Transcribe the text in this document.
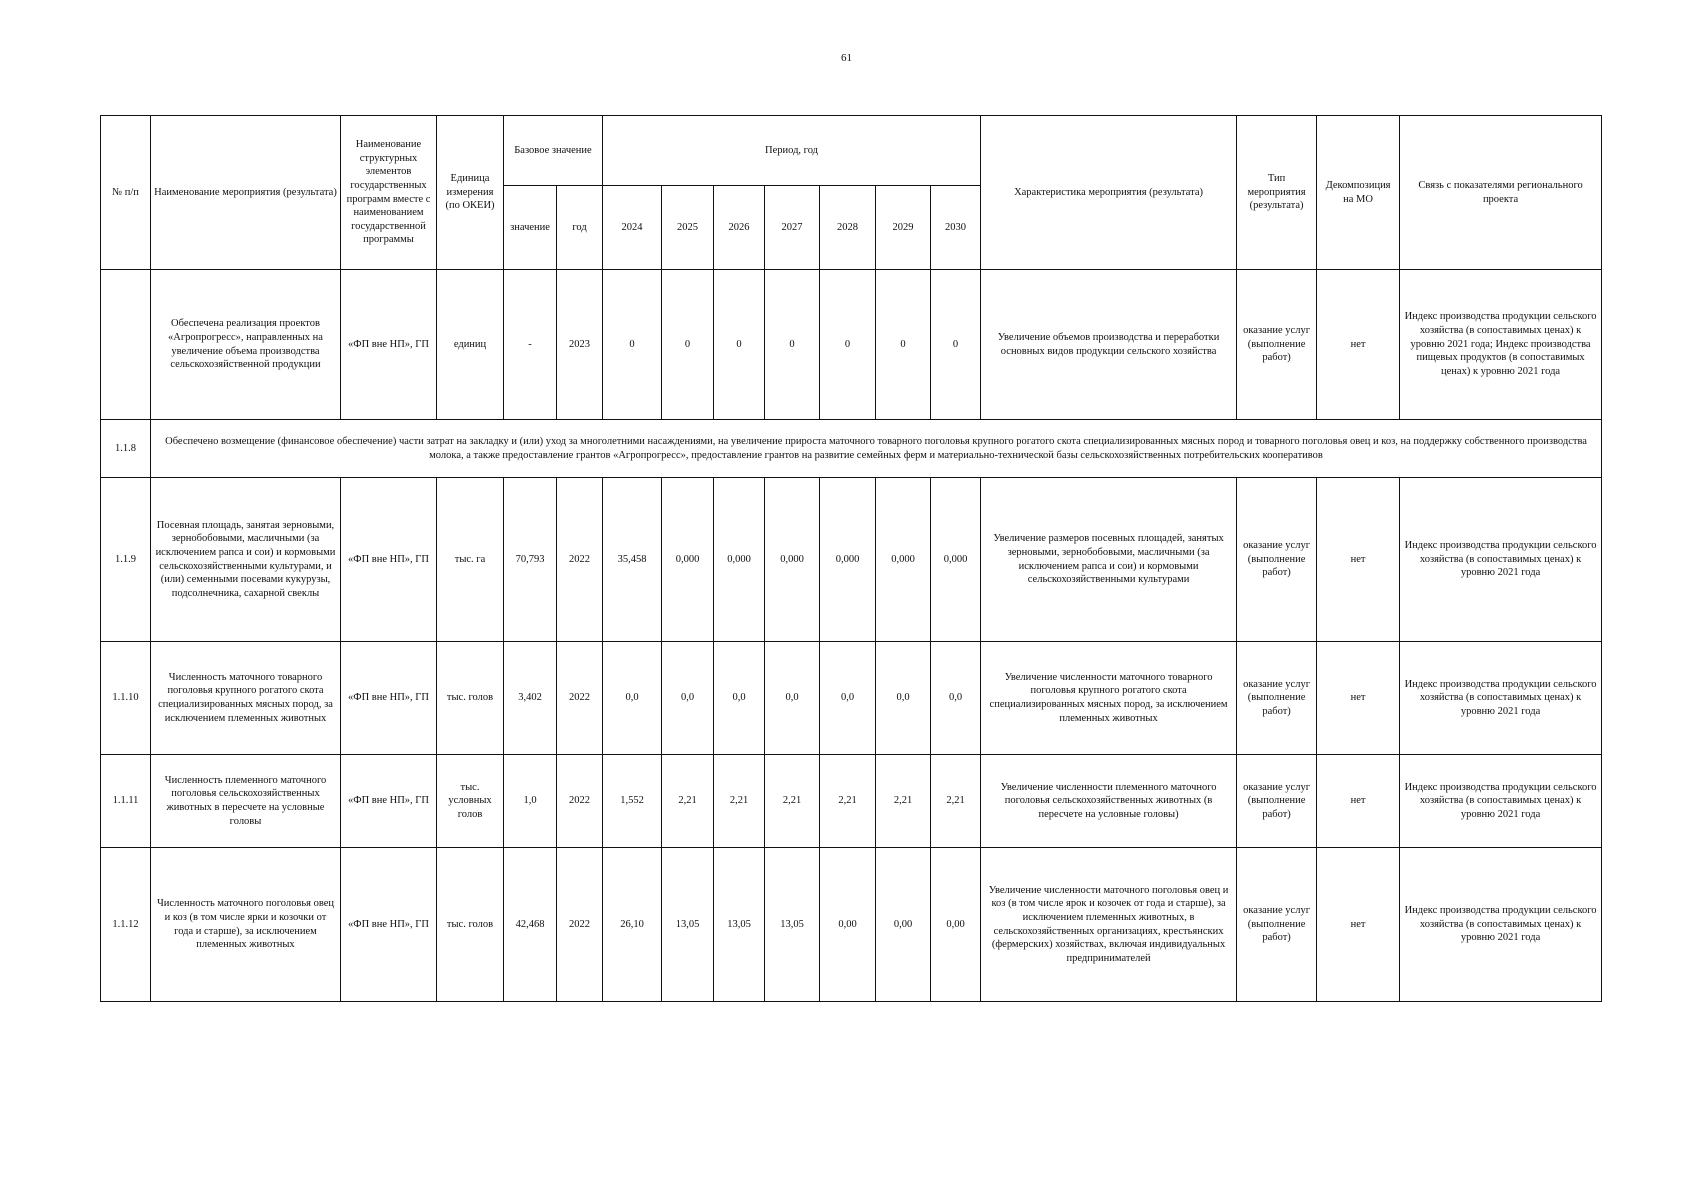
61
№ п/п	Наименование мероприятия (результата)	Наименование структурных элементов государственных программ вместе с наименованием государственной программы	Единица измерения (по ОКЕИ)	Базовое значение		Период, год							Характеристика мероприятия (результата)	Тип мероприятия (результата)	Декомпозиция на МО	Связь с показателями регионального проекта
				значение	год	2024	2025	2026	2027	2028	2029	2030				
	Обеспечена реализация проектов «Агропрогресс», направленных на увеличение объема производства сельскохозяйственной продукции	«ФП вне НП», ГП	единиц	-	2023	0	0	0	0	0	0	0	Увеличение объемов производства и переработки основных видов продукции сельского хозяйства	оказание услуг (выполнение работ)	нет	Индекс производства продукции сельского хозяйства (в сопоставимых ценах) к уровню 2021 года; Индекс производства пищевых продуктов (в сопоставимых ценах) к уровню 2021 года
1.1.8	Обеспечено возмещение (финансовое обеспечение) части затрат на закладку и (или) уход за многолетними насаждениями, на увеличение прироста маточного товарного поголовья крупного рогатого скота специализированных мясных пород и товарного поголовья овец и коз, на поддержку собственного производства молока, а также предоставление грантов «Агропрогресс», предоставление грантов на развитие семейных ферм и материально-технической базы сельскохозяйственных потребительских кооперативов															
1.1.9	Посевная площадь, занятая зерновыми, зернобобовыми, масличными (за исключением рапса и сои) и кормовыми сельскохозяйственными культурами, и (или) семенными посевами кукурузы, подсолнечника, сахарной свеклы	«ФП вне НП», ГП	тыс. га	70,793	2022	35,458	0,000	0,000	0,000	0,000	0,000	0,000	Увеличение размеров посевных площадей, занятых зерновыми, зернобобовыми, масличными (за исключением рапса и сои) и кормовыми сельскохозяйственными культурами	оказание услуг (выполнение работ)	нет	Индекс производства продукции сельского хозяйства (в сопоставимых ценах) к уровню 2021 года
1.1.10	Численность маточного товарного поголовья крупного рогатого скота специализированных мясных пород, за исключением племенных животных	«ФП вне НП», ГП	тыс. голов	3,402	2022	0,0	0,0	0,0	0,0	0,0	0,0	0,0	Увеличение численности маточного товарного поголовья крупного рогатого скота специализированных мясных пород, за исключением племенных животных	оказание услуг (выполнение работ)	нет	Индекс производства продукции сельского хозяйства (в сопоставимых ценах) к уровню 2021 года
1.1.11	Численность племенного маточного поголовья сельскохозяйственных животных в пересчете на условные головы	«ФП вне НП», ГП	тыс. условных голов	1,0	2022	1,552	2,21	2,21	2,21	2,21	2,21	2,21	Увеличение численности племенного маточного поголовья сельскохозяйственных животных (в пересчете на условные головы)	оказание услуг (выполнение работ)	нет	Индекс производства продукции сельского хозяйства (в сопоставимых ценах) к уровню 2021 года
1.1.12	Численность маточного поголовья овец и коз (в том числе ярки и козочки от года и старше), за исключением племенных животных	«ФП вне НП», ГП	тыс. голов	42,468	2022	26,10	13,05	13,05	13,05	0,00	0,00	0,00	Увеличение численности маточного поголовья овец и коз (в том числе ярок и козочек от года и старше), за исключением племенных животных, в сельскохозяйственных организациях, крестьянских (фермерских) хозяйствах, включая индивидуальных предпринимателей	оказание услуг (выполнение работ)	нет	Индекс производства продукции сельского хозяйства (в сопоставимых ценах) к уровню 2021 года
